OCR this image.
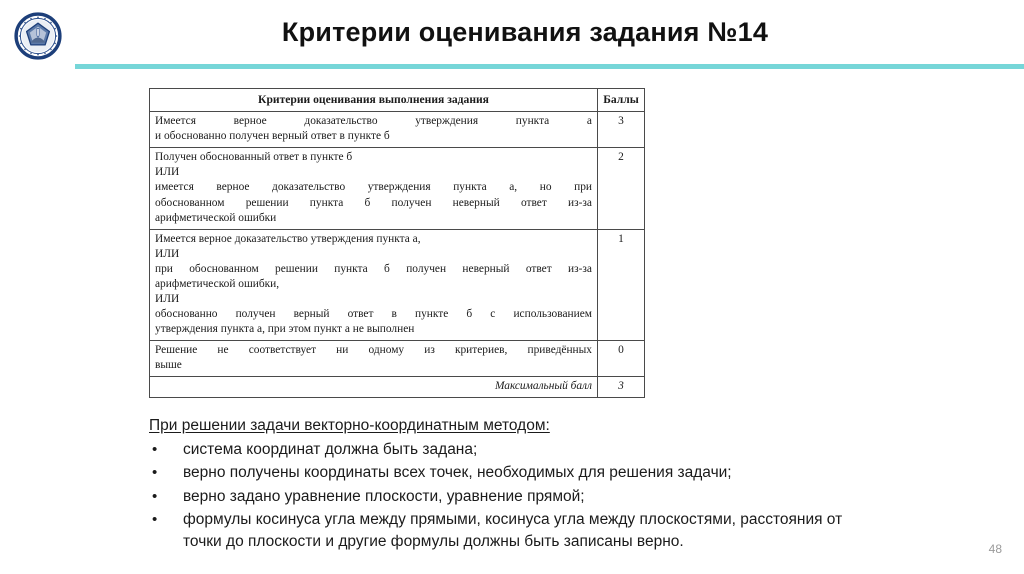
Критерии оценивания задания №14
Критерии оценивания выполнения задания	Баллы

Имеется верное доказательство утверждения пункта а
и обоснованно получен верный ответ в пункте б	3

Получен обоснованный ответ в пункте б
ИЛИ
имеется верное доказательство утверждения пункта а, но при
обоснованном решении пункта б получен неверный ответ из-за
арифметической ошибки	2

Имеется верное доказательство утверждения пункта а,
ИЛИ
при обоснованном решении пункта б получен неверный ответ из-за
арифметической ошибки,
ИЛИ
обоснованно получен верный ответ в пункте б с использованием
утверждения пункта а, при этом пункт а не выполнен
	1

Решение не соответствует ни одному из критериев, приведённых
выше	0
Максимальный балл	3
При решении задачи векторно-координатным методом:
• система координат должна быть задана;
• верно получены координаты всех точек, необходимых для решения задачи;
• верно задано уравнение плоскости, уравнение прямой;
• формулы косинуса угла между прямыми, косинуса угла между плоскостями, расстояния от точки до плоскости и другие формулы должны быть записаны верно.	48
